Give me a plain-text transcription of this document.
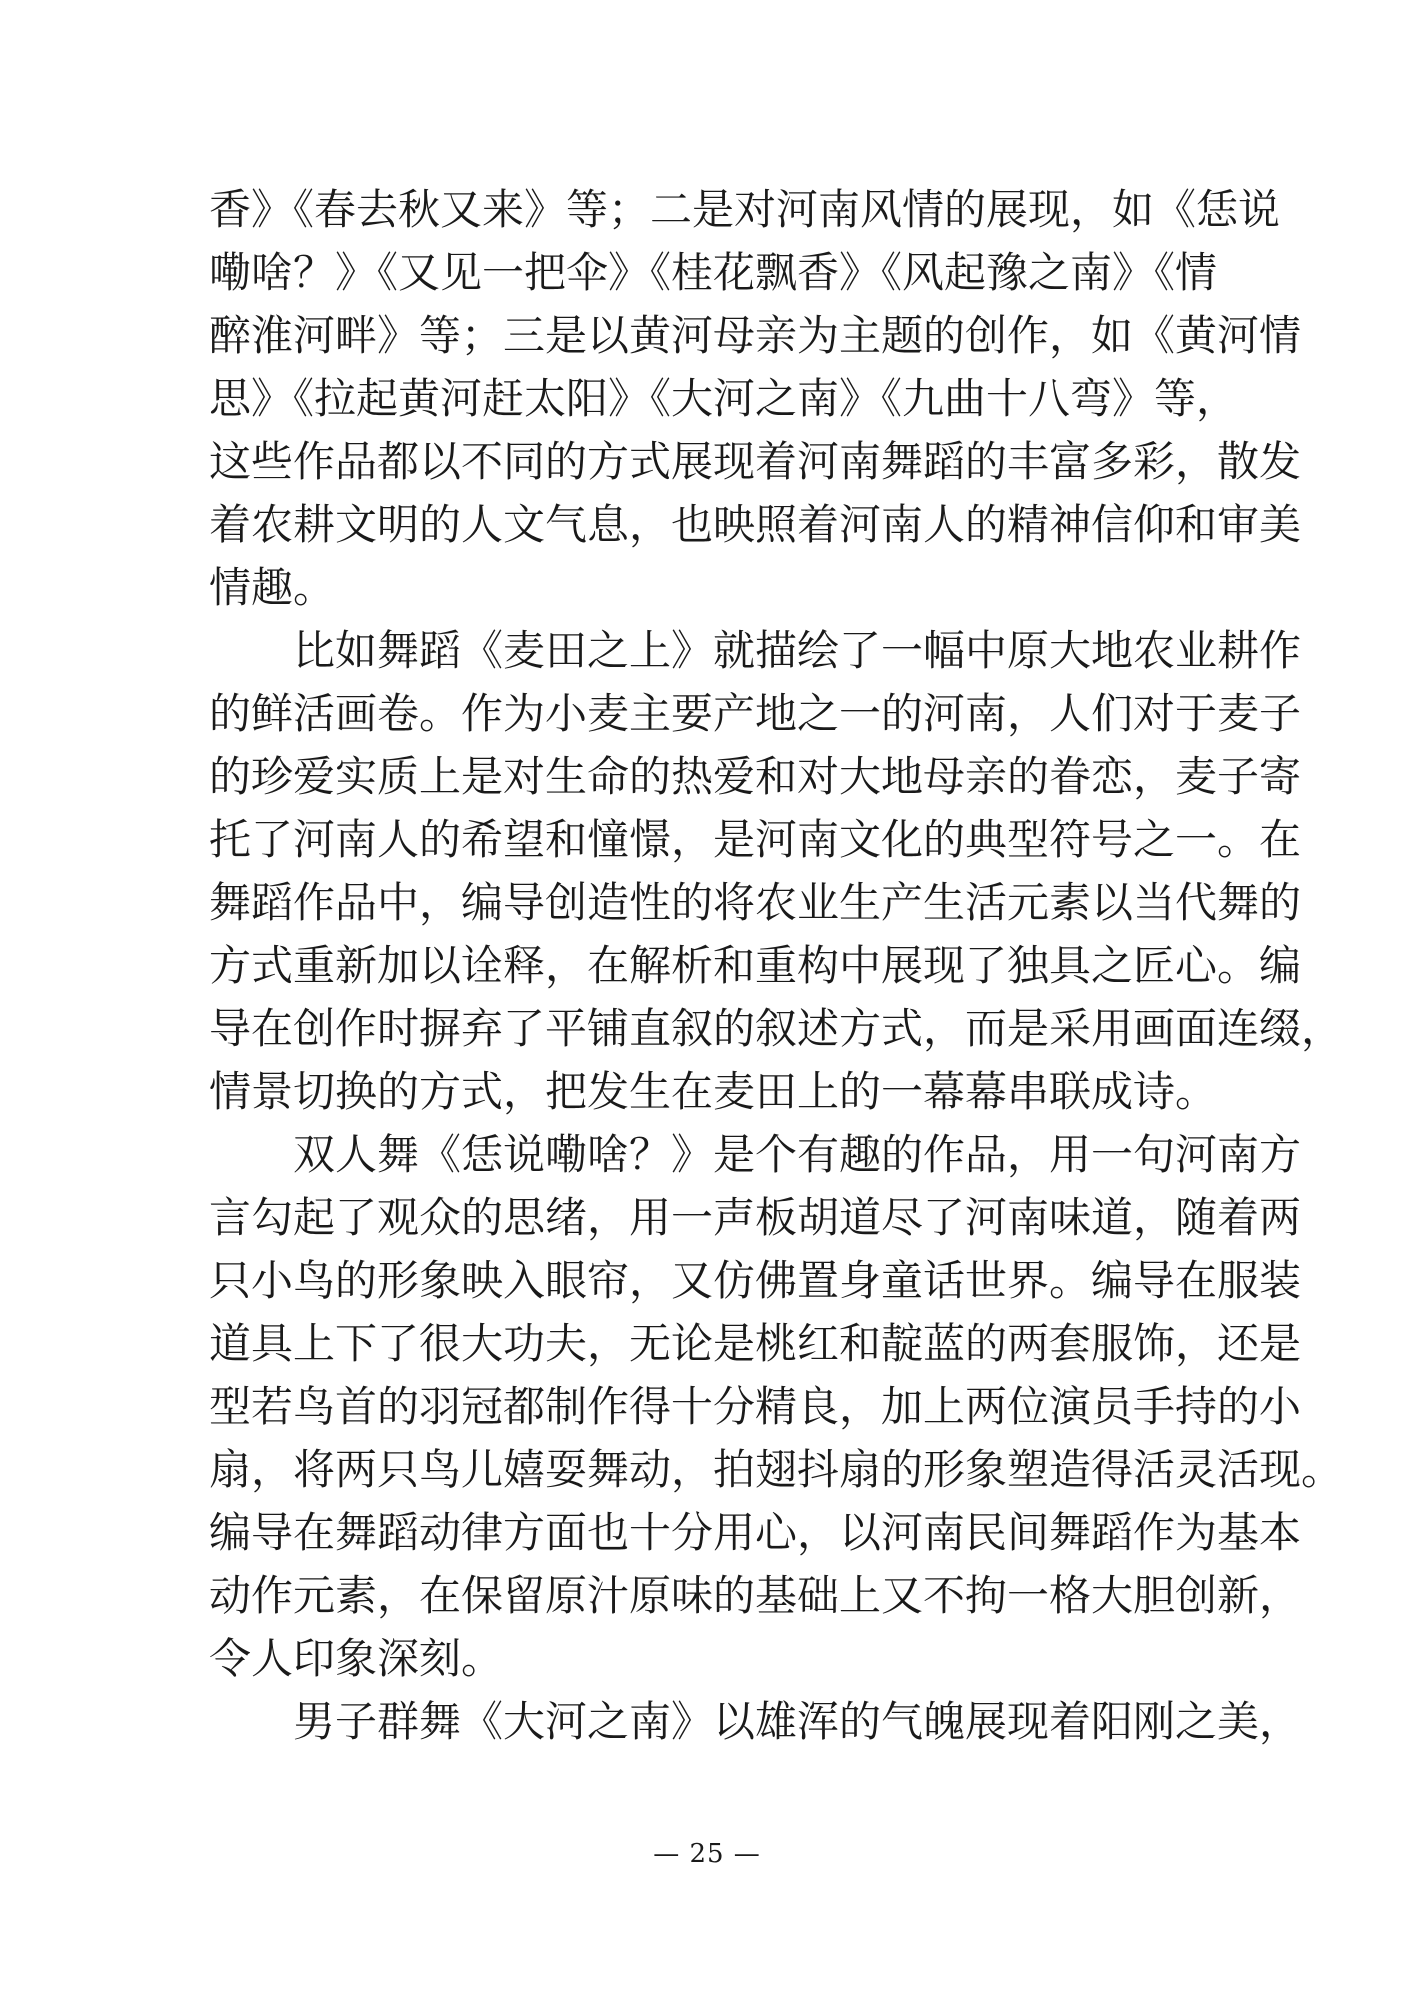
香》《春去秋又来》等；二是对河南风情的展现，如《恁说
嘞啥？》《又见一把伞》《桂花飘香》《风起豫之南》《情
醉淮河畔》等；三是以黄河母亲为主题的创作，如《黄河情
思》《拉起黄河赶太阳》《大河之南》《九曲十八弯》等，
这些作品都以不同的方式展现着河南舞蹈的丰富多彩，散发
着农耕文明的人文气息，也映照着河南人的精神信仰和审美
情趣。
比如舞蹈《麦田之上》就描绘了一幅中原大地农业耕作
的鲜活画卷。作为小麦主要产地之一的河南，人们对于麦子
的珍爱实质上是对生命的热爱和对大地母亲的眷恋，麦子寄
托了河南人的希望和憧憬，是河南文化的典型符号之一。在
舞蹈作品中，编导创造性的将农业生产生活元素以当代舞的
方式重新加以诠释，在解析和重构中展现了独具之匠心。编
导在创作时摒弃了平铺直叙的叙述方式，而是采用画面连缀，
情景切换的方式，把发生在麦田上的一幕幕串联成诗。
双人舞《恁说嘞啥？》是个有趣的作品，用一句河南方
言勾起了观众的思绪，用一声板胡道尽了河南味道，随着两
只小鸟的形象映入眼帘，又仿佛置身童话世界。编导在服装
道具上下了很大功夫，无论是桃红和靛蓝的两套服饰，还是
型若鸟首的羽冠都制作得十分精良，加上两位演员手持的小
扇，将两只鸟儿嬉耍舞动，拍翅抖扇的形象塑造得活灵活现。
编导在舞蹈动律方面也十分用心，以河南民间舞蹈作为基本
动作元素，在保留原汁原味的基础上又不拘一格大胆创新，
令人印象深刻。
男子群舞《大河之南》以雄浑的气魄展现着阳刚之美，
— 25 —
